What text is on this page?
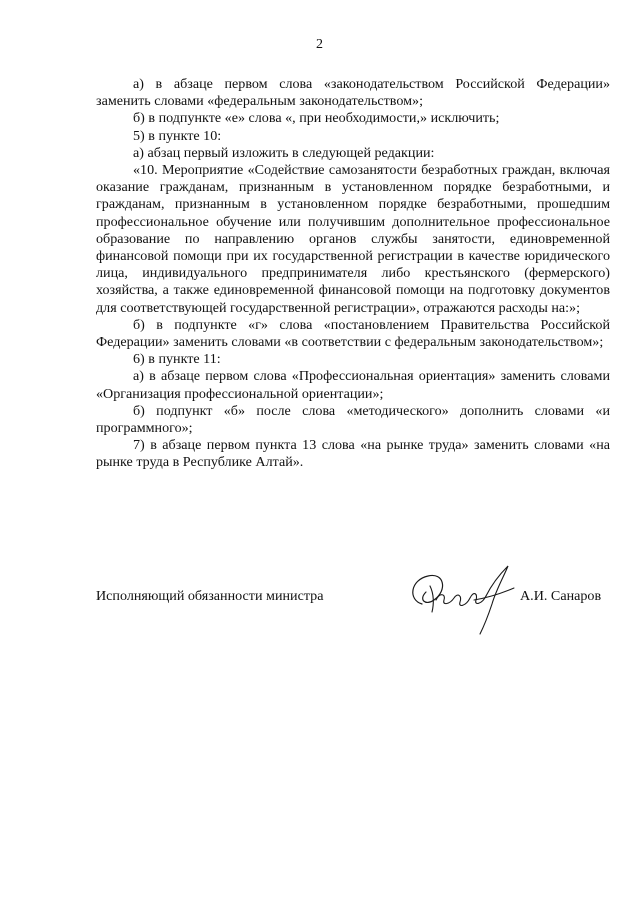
2

а) в абзаце первом слова «законодательством Российской Федерации» заменить словами «федеральным законодательством»;

б) в подпункте «е» слова «, при необходимости,» исключить;

5) в пункте 10:

а) абзац первый изложить в следующей редакции:

«10. Мероприятие «Содействие самозанятости безработных граждан, включая оказание гражданам, признанным в установленном порядке безработными, и гражданам, признанным в установленном порядке безработными, прошедшим профессиональное обучение или получившим дополнительное профессиональное образование по направлению органов службы занятости, единовременной финансовой помощи при их государственной регистрации в качестве юридического лица, индивидуального предпринимателя либо крестьянского (фермерского) хозяйства, а также единовременной финансовой помощи на подготовку документов для соответствующей государственной регистрации», отражаются расходы на:»;

б) в подпункте «г» слова «постановлением Правительства Российской Федерации» заменить словами «в соответствии с федеральным законодательством»;

6) в пункте 11:

а) в абзаце первом слова «Профессиональная ориентация» заменить словами «Организация профессиональной ориентации»;

б) подпункт «б» после слова «методического» дополнить словами «и программного»;

7) в абзаце первом пункта 13 слова «на рынке труда» заменить словами «на рынке труда в Республике Алтай».

Исполняющий обязанности министра	А.И. Санаров
